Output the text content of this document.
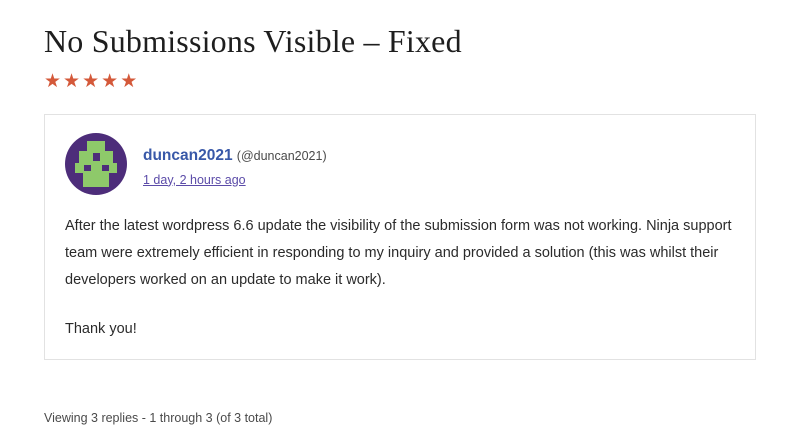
No Submissions Visible – Fixed
★★★★★
duncan2021 (@duncan2021)
1 day, 2 hours ago

After the latest wordpress 6.6 update the visibility of the submission form was not working. Ninja support team were extremely efficient in responding to my inquiry and provided a solution (this was whilst their developers worked on an update to make it work).

Thank you!

Viewing 3 replies - 1 through 3 (of 3 total)
